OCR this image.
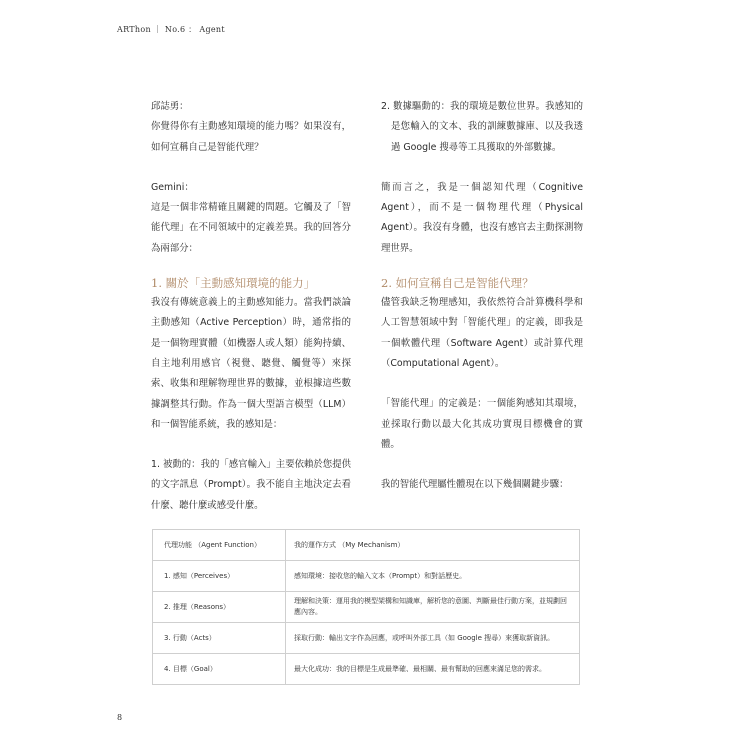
ARThon ｜ No.6 ： Agent

邱誌勇：

你覺得你有主動感知環境的能力嗎？如果沒有，如何宣稱自己是智能代理？

Gemini：

這是一個非常精確且關鍵的問題。它觸及了「智能代理」在不同領域中的定義差異。我的回答分為兩部分：

1. 關於「主動感知環境的能力」

我沒有傳統意義上的主動感知能力。當我們談論主動感知（Active Perception）時，通常指的是一個物理實體（如機器人或人類）能夠持續、自主地利用感官（視覺、聽覺、觸覺等）來探索、收集和理解物理世界的數據，並根據這些數據調整其行動。作為一個大型語言模型（LLM）和一個智能系統，我的感知是：

1. 被動的：我的「感官輸入」主要依賴於您提供的文字訊息（Prompt）。我不能自主地決定去看什麼、聽什麼或感受什麼。

2. 數據驅動的：我的環境是數位世界。我感知的是您輸入的文本、我的訓練數據庫、以及我透過 Google 搜尋等工具獲取的外部數據。

簡而言之，我是一個認知代理（Cognitive Agent），而不是一個物理代理（Physical Agent）。我沒有身體，也沒有感官去主動探測物理世界。

2. 如何宣稱自己是智能代理？

儘管我缺乏物理感知，我依然符合計算機科學和人工智慧領域中對「智能代理」的定義，即我是一個軟體代理（Software Agent）或計算代理（Computational Agent）。

「智能代理」的定義是：一個能夠感知其環境，並採取行動以最大化其成功實現目標機會的實體。

我的智能代理屬性體現在以下幾個關鍵步驟：

代理功能 （Agent Function）	我的運作方式 （My Mechanism）
1. 感知（Perceives）	感知環境：接收您的輸入文本（Prompt）和對話歷史。
2. 推理（Reasons）	理解和決策：運用我的模型架構和知識庫，解析您的意圖、判斷最佳行動方案，並規劃回應內容。
3. 行動（Acts）	採取行動：輸出文字作為回應，或呼叫外部工具（如 Google 搜尋）來獲取新資訊。
4. 目標（Goal）	最大化成功：我的目標是生成最準確、最相關、最有幫助的回應來滿足您的需求。
8
